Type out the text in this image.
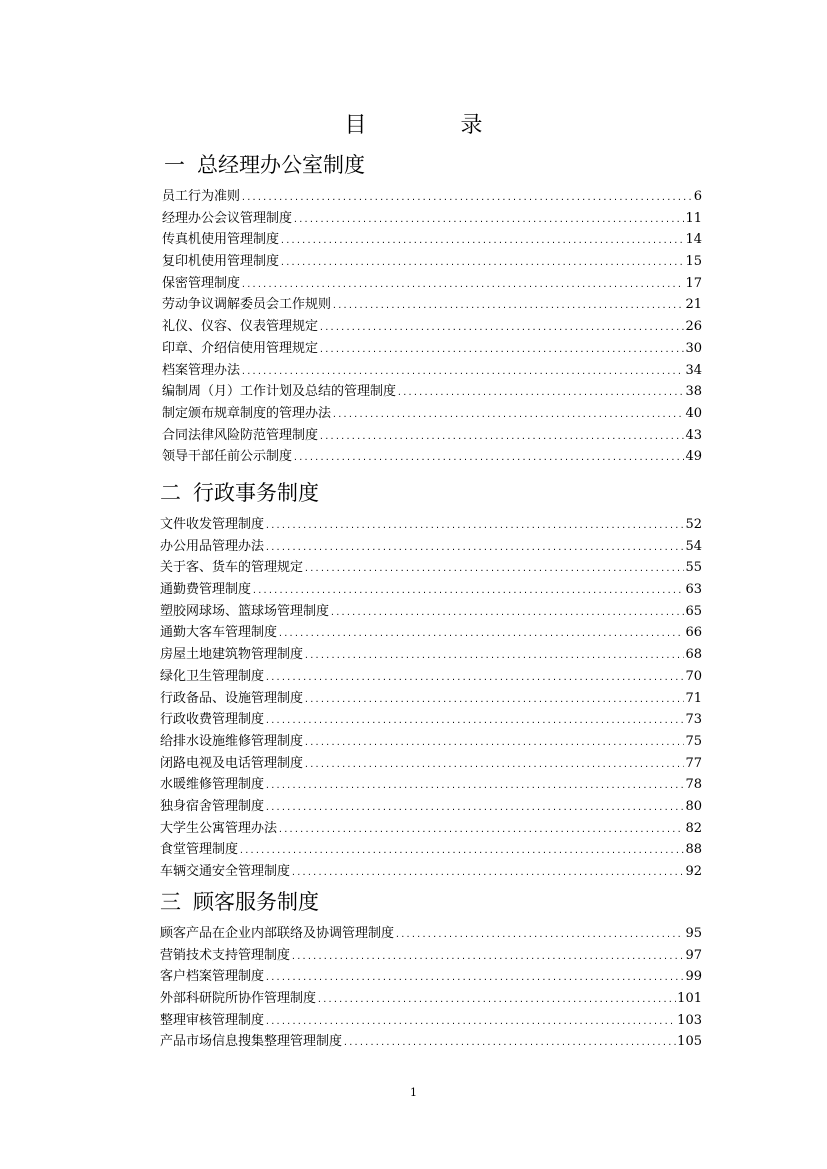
目　录
一 总经理办公室制度
员工行为准则 .....	6
经理办公会议管理制度 .....	11
传真机使用管理制度 .....	14
复印机使用管理制度 .....	15
保密管理制度 .....	17
劳动争议调解委员会工作规则 .....	21
礼仪、仪容、仪表管理规定 .....	26
印章、介绍信使用管理规定 .....	30
档案管理办法 .....	34
编制周（月）工作计划及总结的管理制度 .....	38
制定颁布规章制度的管理办法 .....	40
合同法律风险防范管理制度 .....	43
领导干部任前公示制度 .....	49
二 行政事务制度
文件收发管理制度 .....	52
办公用品管理办法 .....	54
关于客、货车的管理规定 .....	55
通勤费管理制度 .....	63
塑胶网球场、篮球场管理制度 .....	65
通勤大客车管理制度 .....	66
房屋土地建筑物管理制度 .....	68
绿化卫生管理制度 .....	70
行政备品、设施管理制度 .....	71
行政收费管理制度 .....	73
给排水设施维修管理制度 .....	75
闭路电视及电话管理制度 .....	77
水暖维修管理制度 .....	78
独身宿舍管理制度 .....	80
大学生公寓管理办法 .....	82
食堂管理制度 .....	88
车辆交通安全管理制度 .....	92
三 顾客服务制度
顾客产品在企业内部联络及协调管理制度 .....	95
营销技术支持管理制度 .....	97
客户档案管理制度 .....	99
外部科研院所协作管理制度 .....	101
整理审核管理制度 .....	103
产品市场信息搜集整理管理制度 .....	105
1
